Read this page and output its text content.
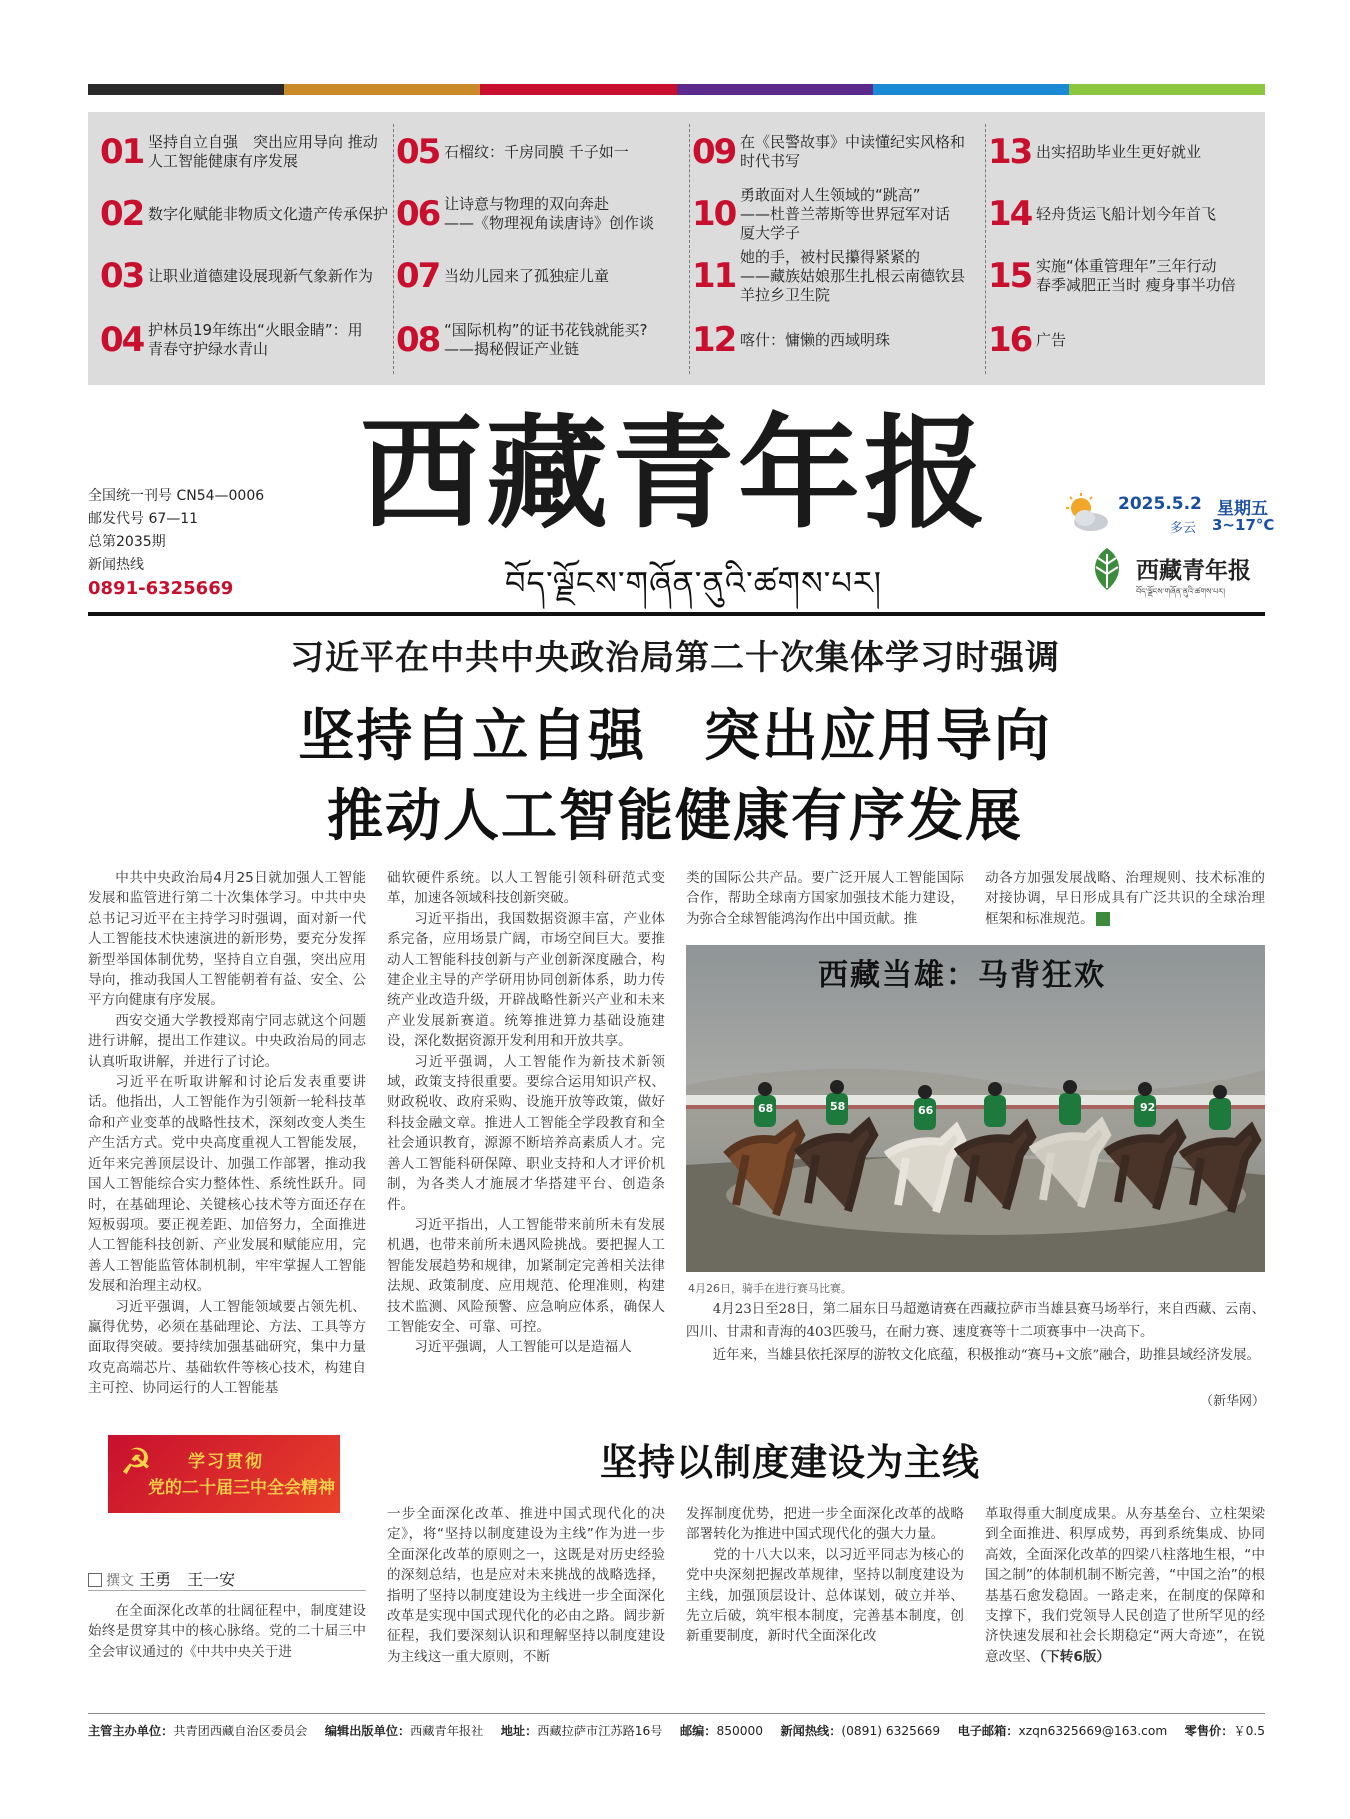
01 坚持自立自强　突出应用导向 推动
人工智能健康有序发展
02 数字化赋能非物质文化遗产传承保护
03 让职业道德建设展现新气象新作为
04 护林员19年练出“火眼金睛”：用
青春守护绿水青山
05 石榴纹：千房同膜 千子如一
06 让诗意与物理的双向奔赴
——《物理视角读唐诗》创作谈
07 当幼儿园来了孤独症儿童
08 “国际机构”的证书花钱就能买?
——揭秘假证产业链
09 在《民警故事》中读懂纪实风格和
时代书写
10 勇敢面对人生领域的“跳高”
——杜普兰蒂斯等世界冠军对话
厦大学子
11 她的手，被村民攥得紧紧的
——藏族姑娘那生扎根云南德钦县
羊拉乡卫生院
12 喀什：慵懒的西域明珠
13 出实招助毕业生更好就业
14 轻舟货运飞船计划今年首飞
15 实施“体重管理年”三年行动
春季减肥正当时 瘦身事半功倍
16 广告
西藏青年报
བོད་ལྗོངས་གཞོན་ནུའི་ཚགས་པར།
全国统一刊号 CN54—0006
邮发代号 67—11
总第2035期
新闻热线
0891-6325669
2025.5.2 星期五
多云 3~17°C
西藏青年报
བོད་ལྗོངས་གཞོན་ནུའི་ཚགས་པར།
习近平在中共中央政治局第二十次集体学习时强调
坚持自立自强 突出应用导向
推动人工智能健康有序发展

中共中央政治局4月25日就加强人工智能发展和监管进行第二十次集体学习。中共中央总书记习近平在主持学习时强调，面对新一代人工智能技术快速演进的新形势，要充分发挥新型举国体制优势，坚持自立自强，突出应用导向，推动我国人工智能朝着有益、安全、公平方向健康有序发展。

西安交通大学教授郑南宁同志就这个问题进行讲解，提出工作建议。中央政治局的同志认真听取讲解，并进行了讨论。

习近平在听取讲解和讨论后发表重要讲话。他指出，人工智能作为引领新一轮科技革命和产业变革的战略性技术，深刻改变人类生产生活方式。党中央高度重视人工智能发展，近年来完善顶层设计、加强工作部署，推动我国人工智能综合实力整体性、系统性跃升。同时，在基础理论、关键核心技术等方面还存在短板弱项。要正视差距、加倍努力，全面推进人工智能科技创新、产业发展和赋能应用，完善人工智能监管体制机制，牢牢掌握人工智能发展和治理主动权。

习近平强调，人工智能领域要占领先机、赢得优势，必须在基础理论、方法、工具等方面取得突破。要持续加强基础研究，集中力量攻克高端芯片、基础软件等核心技术，构建自主可控、协同运行的人工智能基

础软硬件系统。以人工智能引领科研范式变革，加速各领域科技创新突破。

习近平指出，我国数据资源丰富，产业体系完备，应用场景广阔，市场空间巨大。要推动人工智能科技创新与产业创新深度融合，构建企业主导的产学研用协同创新体系，助力传统产业改造升级，开辟战略性新兴产业和未来产业发展新赛道。统筹推进算力基础设施建设，深化数据资源开发利用和开放共享。

习近平强调，人工智能作为新技术新领域，政策支持很重要。要综合运用知识产权、财政税收、政府采购、设施开放等政策，做好科技金融文章。推进人工智能全学段教育和全社会通识教育，源源不断培养高素质人才。完善人工智能科研保障、职业支持和人才评价机制，为各类人才施展才华搭建平台、创造条件。

习近平指出，人工智能带来前所未有发展机遇，也带来前所未遇风险挑战。要把握人工智能发展趋势和规律，加紧制定完善相关法律法规、政策制度、应用规范、伦理准则，构建技术监测、风险预警、应急响应体系，确保人工智能安全、可靠、可控。

习近平强调，人工智能可以是造福人

类的国际公共产品。要广泛开展人工智能国际合作，帮助全球南方国家加强技术能力建设，为弥合全球智能鸿沟作出中国贡献。推

动各方加强发展战略、治理规则、技术标准的对接协调，早日形成具有广泛共识的全球治理框架和标准规范。

68	58	66	92
西藏当雄：马背狂欢
4月26日，骑手在进行赛马比赛。

4月23日至28日，第二届东日马超邀请赛在西藏拉萨市当雄县赛马场举行，来自西藏、云南、四川、甘肃和青海的403匹骏马，在耐力赛、速度赛等十二项赛事中一决高下。

近年来，当雄县依托深厚的游牧文化底蕴，积极推动“赛马+文旅”融合，助推县域经济发展。

（新华网）
☭ 学习贯彻
党的二十届三中全会精神
撰文 王勇　王一安
坚持以制度建设为主线

在全面深化改革的壮阔征程中，制度建设始终是贯穿其中的核心脉络。党的二十届三中全会审议通过的《中共中央关于进

一步全面深化改革、推进中国式现代化的决定》，将“坚持以制度建设为主线”作为进一步全面深化改革的原则之一，这既是对历史经验的深刻总结，也是应对未来挑战的战略选择，指明了坚持以制度建设为主线进一步全面深化改革是实现中国式现代化的必由之路。阔步新征程，我们要深刻认识和理解坚持以制度建设为主线这一重大原则，不断

发挥制度优势，把进一步全面深化改革的战略部署转化为推进中国式现代化的强大力量。

党的十八大以来，以习近平同志为核心的党中央深刻把握改革规律，坚持以制度建设为主线，加强顶层设计、总体谋划，破立并举、先立后破，筑牢根本制度，完善基本制度，创新重要制度，新时代全面深化改

革取得重大制度成果。从夯基垒台、立柱架梁到全面推进、积厚成势，再到系统集成、协同高效，全面深化改革的四梁八柱落地生根，“中国之制”的体制机制不断完善，“中国之治”的根基基石愈发稳固。一路走来，在制度的保障和支撑下，我们党领导人民创造了世所罕见的经济快速发展和社会长期稳定“两大奇迹”，在锐意改坚、（下转6版）

主管主办单位：共青团西藏自治区委员会 编辑出版单位：西藏青年报社 地址：西藏拉萨市江苏路16号 邮编：850000 新闻热线：(0891) 6325669 电子邮箱：xzqn6325669@163.com 零售价：￥0.5
